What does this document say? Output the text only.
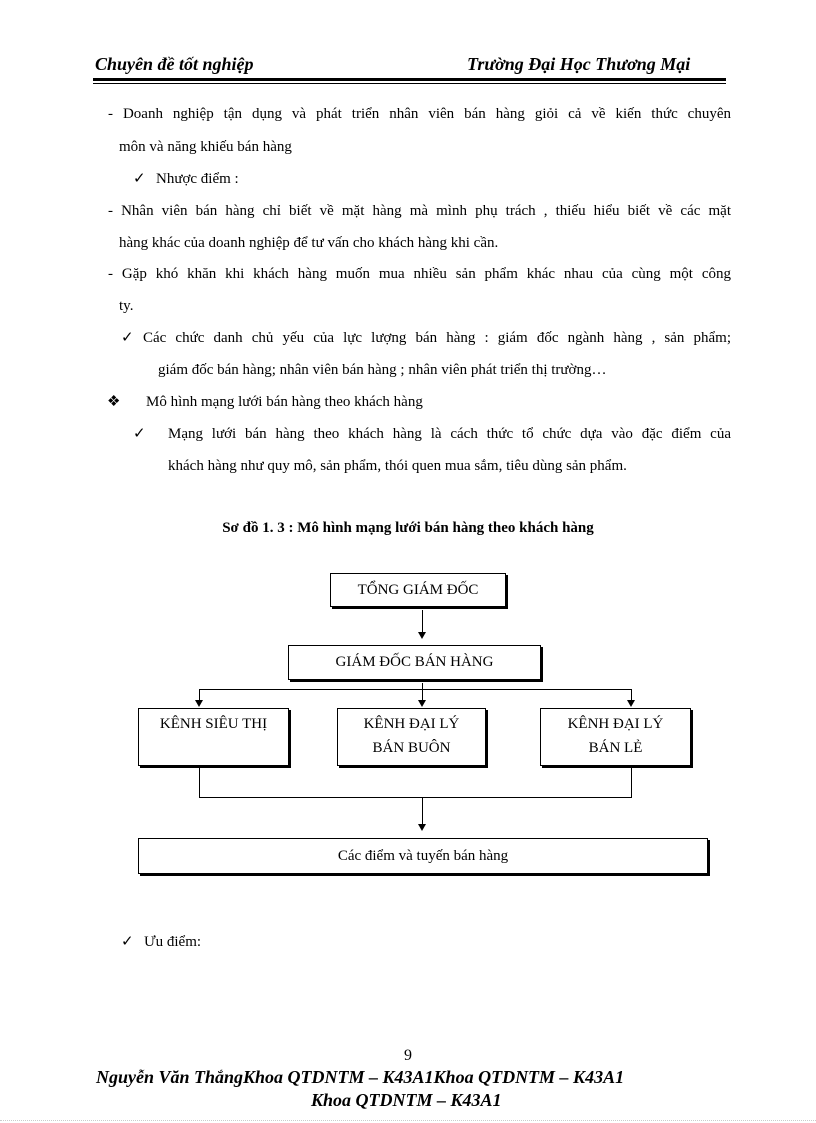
Chuyên đề tốt nghiệp	Trường Đại Học Thương Mại
- Doanh nghiệp tận dụng và phát triển nhân viên bán hàng giỏi cả về kiến thức chuyên
môn và năng khiếu bán hàng
✓ Nhược điểm :
- Nhân viên bán hàng chỉ biết về mặt hàng mà mình phụ trách , thiếu hiểu biết về các mặt
hàng khác của doanh nghiệp để tư vấn cho khách hàng khi cần.
- Gặp khó khăn khi khách hàng muốn mua nhiều sản phẩm khác nhau của cùng một công
ty.
✓ Các chức danh chủ yếu của lực lượng bán hàng : giám đốc ngành hàng , sản phẩm;
giám đốc bán hàng; nhân viên bán hàng ; nhân viên phát triển thị trường…
❖ Mô hình mạng lưới bán hàng theo khách hàng
✓ Mạng lưới bán hàng theo khách hàng là cách thức tổ chức dựa vào đặc điểm của
khách hàng như quy mô, sản phẩm, thói quen mua sắm, tiêu dùng sản phẩm.
Sơ đồ 1. 3 : Mô hình mạng lưới bán hàng theo khách hàng
TỔNG GIÁM ĐỐC
GIÁM ĐỐC BÁN HÀNG
KÊNH SIÊU THỊ	KÊNH ĐẠI LÝ
BÁN BUÔN
KÊNH ĐẠI LÝ
BÁN LẺ
Các điểm và tuyến bán hàng
✓ Ưu điểm:
9
Nguyễn Văn ThắngKhoa QTDNTM – K43A1Khoa QTDNTM – K43A1
Khoa QTDNTM – K43A1
